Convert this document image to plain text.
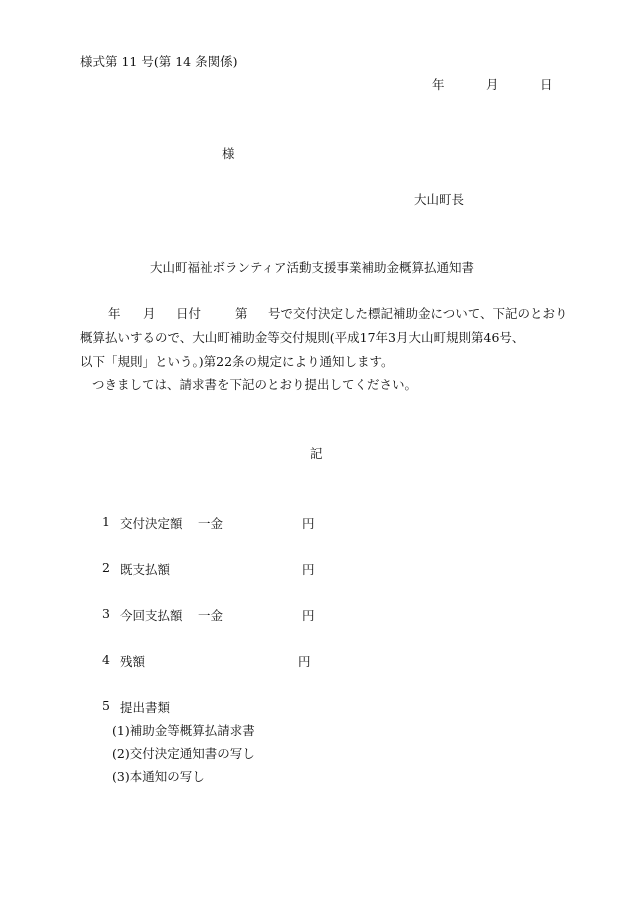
様式第 11 号(第 14 条関係)
年	月	日
様
大山町長
大山町福祉ボランティア活動支援事業補助金概算払通知書
年 月 日付	第 号で交付決定した標記補助金について、下記のとおり
概算払いするので、大山町補助金等交付規則(平成17年3月大山町規則第46号、
以下「規則」という。)第22条の規定により通知します。
つきましては、請求書を下記のとおり提出してください。
記
1 交付決定額 一金	円
2 既支払額	円
3 今回支払額 一金	円
4 残額	円
5 提出書類
(1)補助金等概算払請求書
(2)交付決定通知書の写し
(3)本通知の写し
